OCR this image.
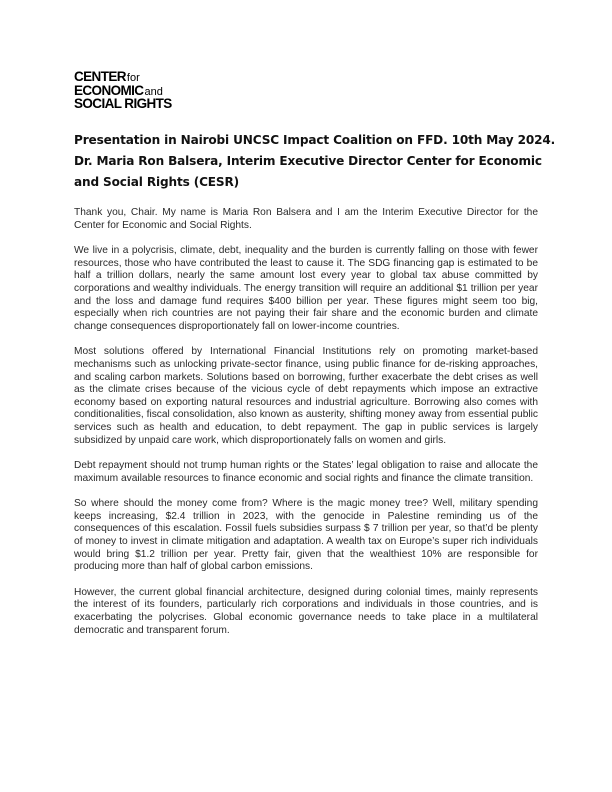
CENTERfor
ECONOMICand
SOCIAL RIGHTS
Presentation in Nairobi UNCSC Impact Coalition on FFD. 10th May 2024.
Dr. Maria Ron Balsera, Interim Executive Director Center for Economic
and Social Rights (CESR)

Thank you, Chair. My name is Maria Ron Balsera and I am the Interim Executive Director for the Center for Economic and Social Rights.

We live in a polycrisis, climate, debt, inequality and the burden is currently falling on those with fewer resources, those who have contributed the least to cause it. The SDG financing gap is estimated to be half a trillion dollars, nearly the same amount lost every year to global tax abuse committed by corporations and wealthy individuals. The energy transition will require an additional $1 trillion per year and the loss and damage fund requires $400 billion per year. These figures might seem too big, especially when rich countries are not paying their fair share and the economic burden and climate change consequences disproportionately fall on lower-income countries.

Most solutions offered by International Financial Institutions rely on promoting market-based mechanisms such as unlocking private-sector finance, using public finance for de-risking approaches, and scaling carbon markets. Solutions based on borrowing, further exacerbate the debt crises as well as the climate crises because of the vicious cycle of debt repayments which impose an extractive economy based on exporting natural resources and industrial agriculture. Borrowing also comes with conditionalities, fiscal consolidation, also known as austerity, shifting money away from essential public services such as health and education, to debt repayment. The gap in public services is largely subsidized by unpaid care work, which disproportionately falls on women and girls.

Debt repayment should not trump human rights or the States’ legal obligation to raise and allocate the maximum available resources to finance economic and social rights and finance the climate transition.

So where should the money come from? Where is the magic money tree? Well, military spending keeps increasing, $2.4 trillion in 2023, with the genocide in Palestine reminding us of the consequences of this escalation. Fossil fuels subsidies surpass $ 7 trillion per year, so that’d be plenty of money to invest in climate mitigation and adaptation. A wealth tax on Europe’s super rich individuals would bring $1.2 trillion per year. Pretty fair, given that the wealthiest 10% are responsible for producing more than half of global carbon emissions.

However, the current global financial architecture, designed during colonial times, mainly represents the interest of its founders, particularly rich corporations and individuals in those countries, and is exacerbating the polycrises. Global economic governance needs to take place in a multilateral democratic and transparent forum.
